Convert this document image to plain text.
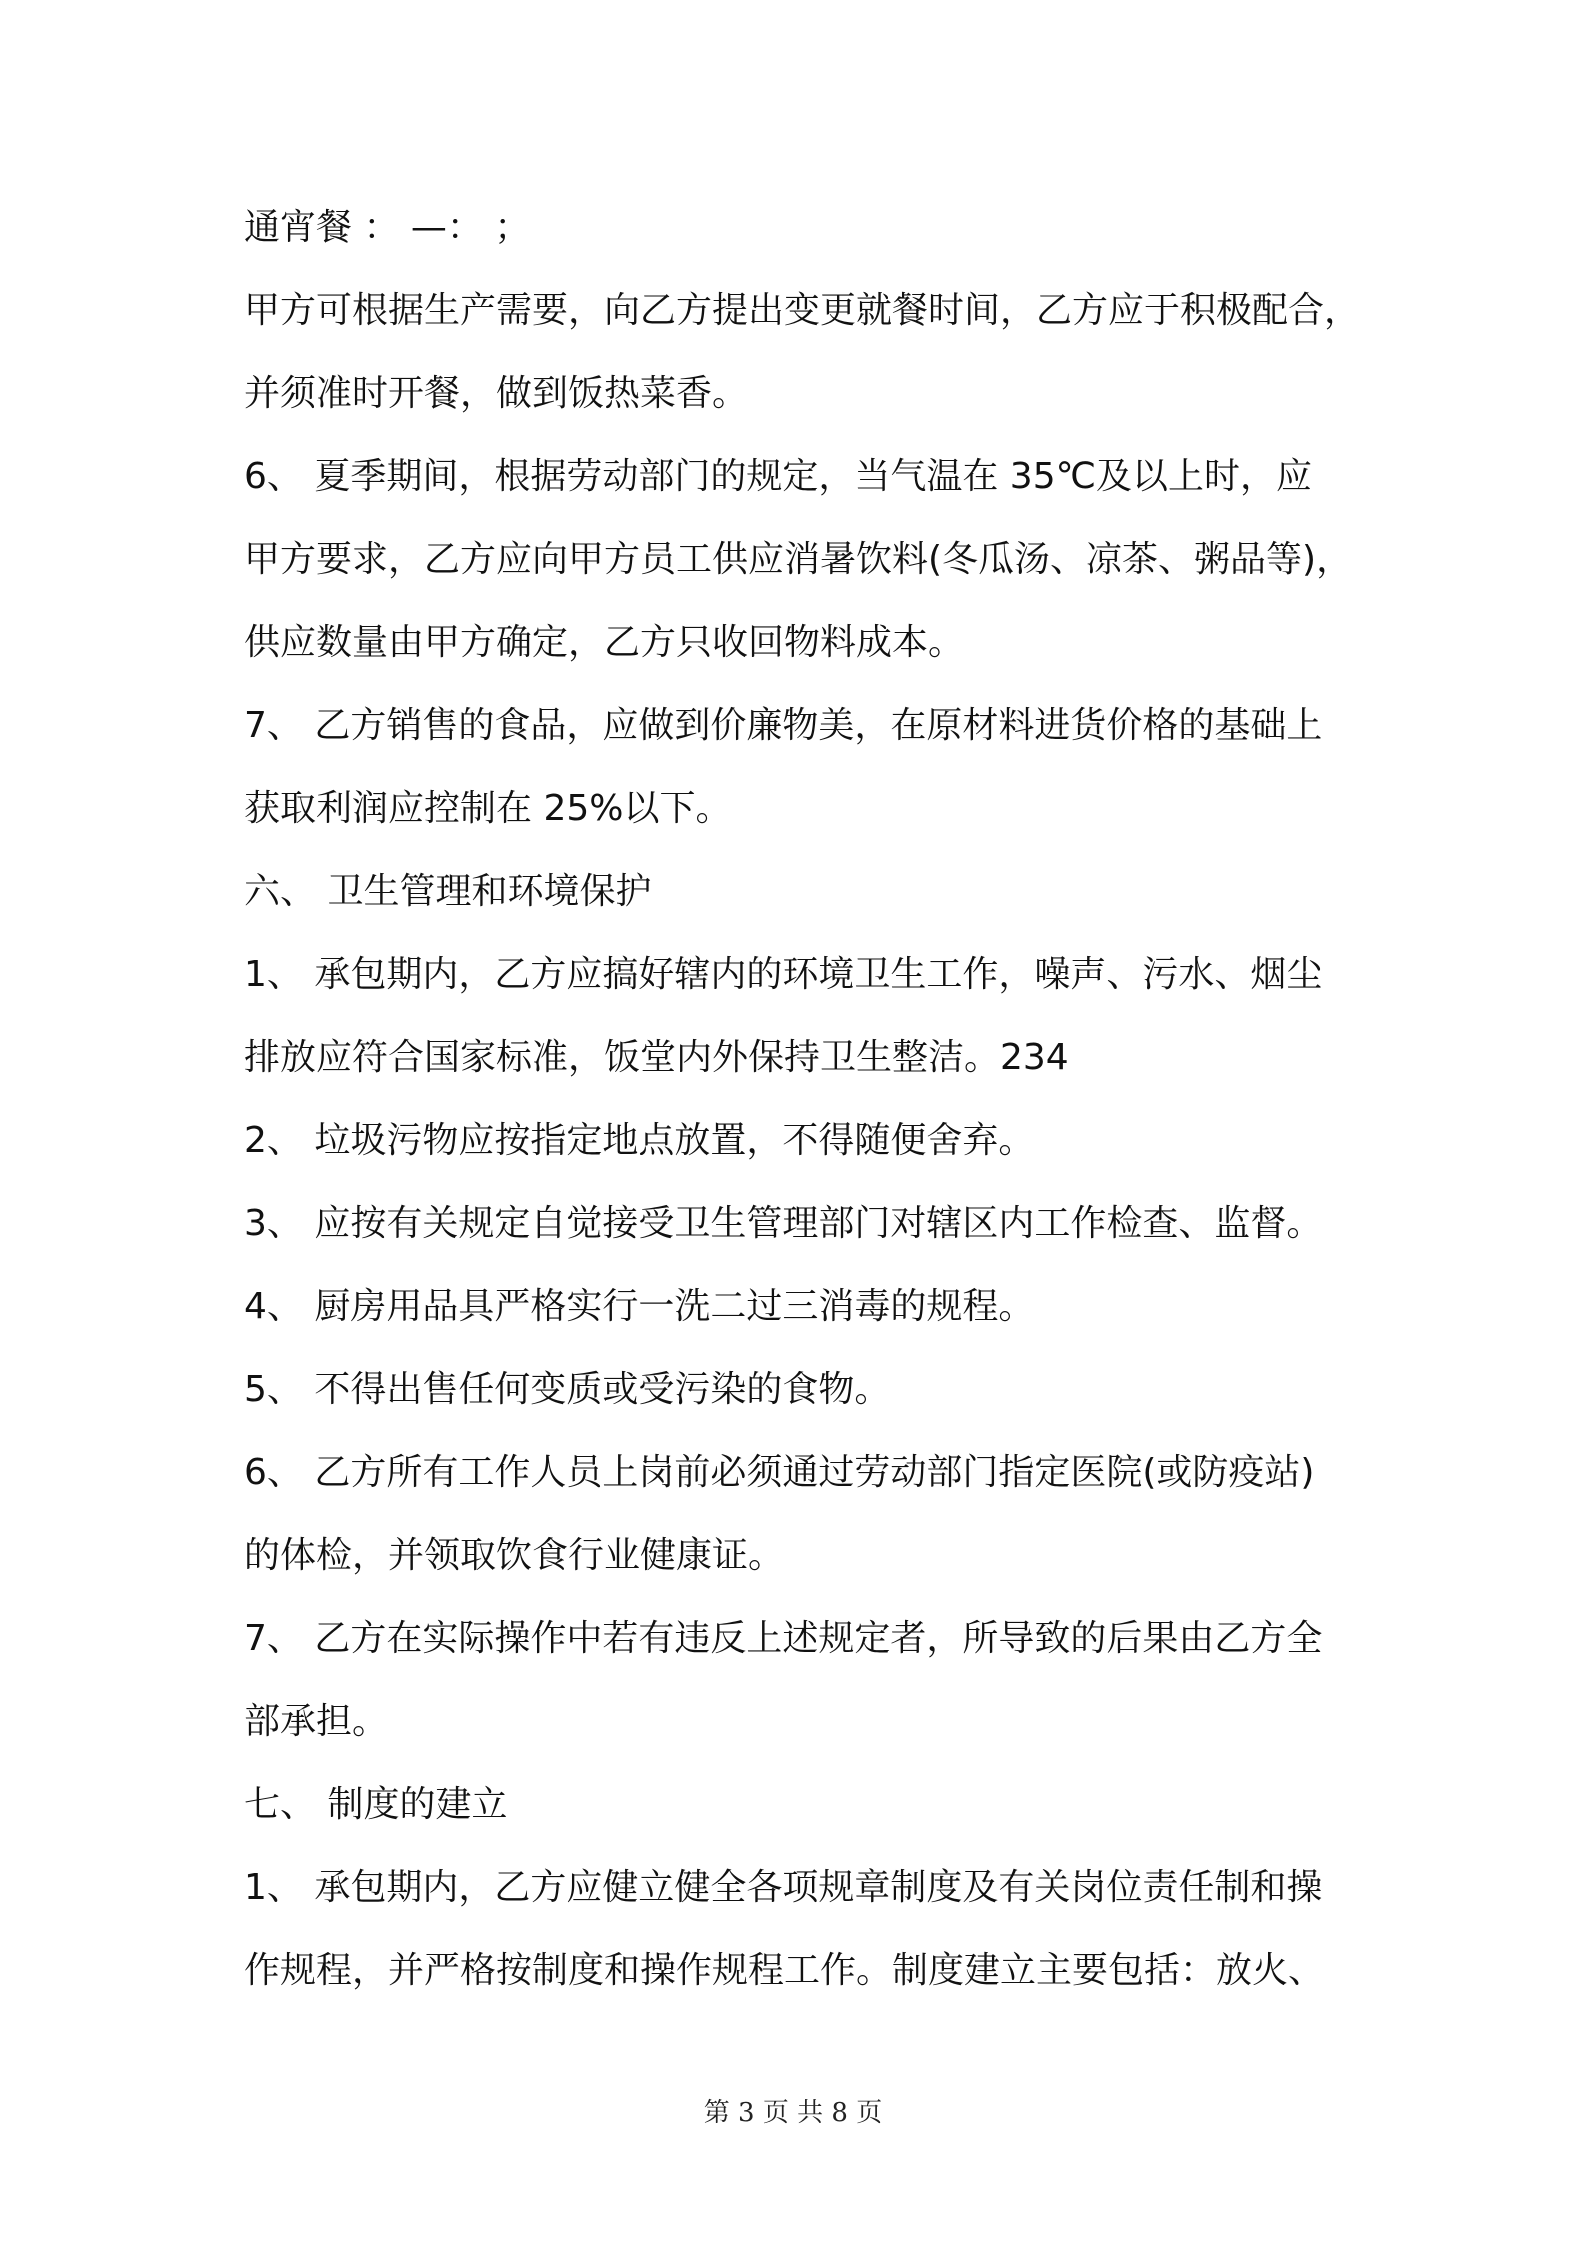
通宵餐 ： —： ；
甲方可根据生产需要，向乙方提出变更就餐时间，乙方应于积极配合，
并须准时开餐，做到饭热菜香。
6、 夏季期间，根据劳动部门的规定，当气温在 35℃及以上时，应
甲方要求，乙方应向甲方员工供应消暑饮料(冬瓜汤、凉茶、粥品等)，
供应数量由甲方确定，乙方只收回物料成本。
7、 乙方销售的食品，应做到价廉物美，在原材料进货价格的基础上
获取利润应控制在 25%以下。
六、 卫生管理和环境保护
1、 承包期内，乙方应搞好辖内的环境卫生工作，噪声、污水、烟尘
排放应符合国家标准，饭堂内外保持卫生整洁。234
2、 垃圾污物应按指定地点放置，不得随便舍弃。
3、 应按有关规定自觉接受卫生管理部门对辖区内工作检查、监督。
4、 厨房用品具严格实行一洗二过三消毒的规程。
5、 不得出售任何变质或受污染的食物。
6、 乙方所有工作人员上岗前必须通过劳动部门指定医院(或防疫站)
的体检，并领取饮食行业健康证。
7、 乙方在实际操作中若有违反上述规定者，所导致的后果由乙方全
部承担。
七、 制度的建立
1、 承包期内，乙方应健立健全各项规章制度及有关岗位责任制和操
作规程，并严格按制度和操作规程工作。制度建立主要包括：放火、
第 3 页 共 8 页
